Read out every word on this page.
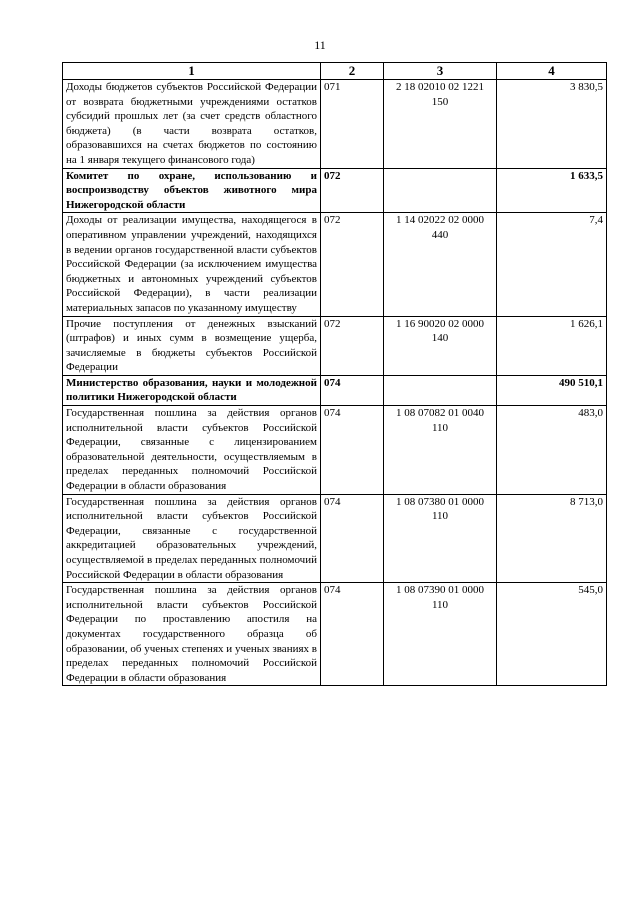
11
1	2	3	4
Доходы бюджетов субъектов Российской Федерации от возврата бюджетными учреждениями остатков субсидий прошлых лет (за счет средств областного бюджета) (в части возврата остатков, образовавшихся на счетах бюджетов по состоянию на 1 января текущего финансового года)	071	2 18 02010 02 1221 150	3 830,5
Комитет по охране, использованию и воспроизводству объектов животного мира Нижегородской области	072		1 633,5
Доходы от реализации имущества, находящегося в оперативном управлении учреждений, находящихся в ведении органов государственной власти субъектов Российской Федерации (за исключением имущества бюджетных и автономных учреждений субъектов Российской Федерации), в части реализации материальных запасов по указанному имуществу	072	1 14 02022 02 0000 440	7,4
Прочие поступления от денежных взысканий (штрафов) и иных сумм в возмещение ущерба, зачисляемые в бюджеты субъектов Российской Федерации	072	1 16 90020 02 0000 140	1 626,1
Министерство образования, науки и молодежной политики Нижегородской области	074		490 510,1
Государственная пошлина за действия органов исполнительной власти субъектов Российской Федерации, связанные с лицензированием образовательной деятельности, осуществляемым в пределах переданных полномочий Российской Федерации в области образования	074	1 08 07082 01 0040 110	483,0
Государственная пошлина за действия органов исполнительной власти субъектов Российской Федерации, связанные с государственной аккредитацией образовательных учреждений, осуществляемой в пределах переданных полномочий Российской Федерации в области образования	074	1 08 07380 01 0000 110	8 713,0
Государственная пошлина за действия органов исполнительной власти субъектов Российской Федерации по проставлению апостиля на документах государственного образца об образовании, об ученых степенях и ученых званиях в пределах переданных полномочий Российской Федерации в области образования	074	1 08 07390 01 0000 110	545,0
